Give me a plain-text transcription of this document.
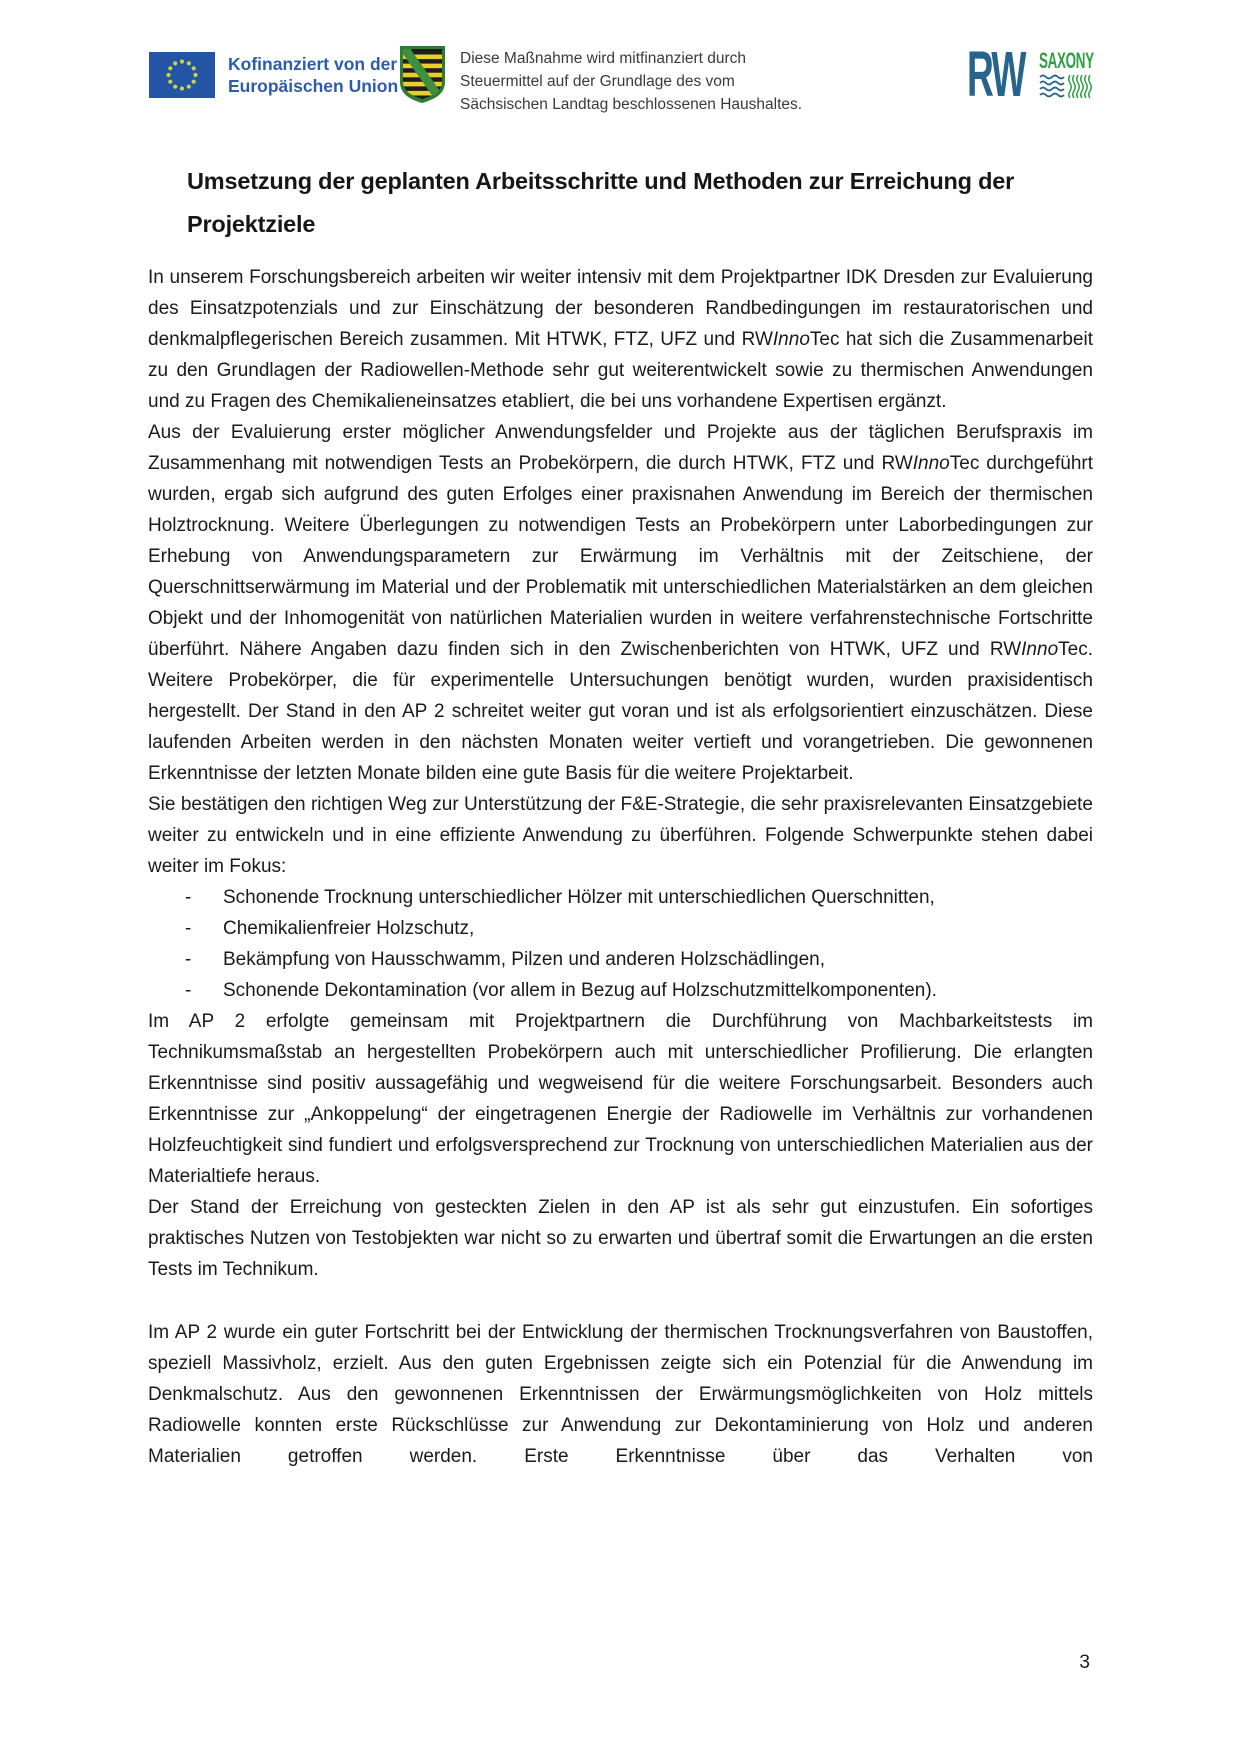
Kofinanziert von der
Europäischen Union
Diese Maßnahme wird mitfinanziert durch
Steuermittel auf der Grundlage des vom
Sächsischen Landtag beschlossenen Haushaltes.	RW SAXONY
Umsetzung der geplanten Arbeitsschritte und Methoden zur Erreichung der
Projektziele
In unserem Forschungsbereich arbeiten wir weiter intensiv mit dem Projektpartner IDK Dresden zur Evaluierung des Einsatzpotenzials und zur Einschätzung der besonderen Randbedingungen im restauratorischen und denkmalpflegerischen Bereich zusammen. Mit HTWK, FTZ, UFZ und RWInnoTec hat sich die Zusammenarbeit zu den Grundlagen der Radiowellen-Methode sehr gut weiterentwickelt sowie zu thermischen Anwendungen und zu Fragen des Chemikalieneinsatzes etabliert, die bei uns vorhandene Expertisen ergänzt.
Aus der Evaluierung erster möglicher Anwendungsfelder und Projekte aus der täglichen Berufspraxis im Zusammenhang mit notwendigen Tests an Probekörpern, die durch HTWK, FTZ und RWInnoTec durchgeführt wurden, ergab sich aufgrund des guten Erfolges einer praxisnahen Anwendung im Bereich der thermischen Holztrocknung. Weitere Überlegungen zu notwendigen Tests an Probekörpern unter Laborbedingungen zur Erhebung von Anwendungsparametern zur Erwärmung im Verhältnis mit der Zeitschiene, der Querschnittserwärmung im Material und der Problematik mit unterschiedlichen Materialstärken an dem gleichen Objekt und der Inhomogenität von natürlichen Materialien wurden in weitere verfahrenstechnische Fortschritte überführt. Nähere Angaben dazu finden sich in den Zwischenberichten von HTWK, UFZ und RWInnoTec. Weitere Probekörper, die für experimentelle Untersuchungen benötigt wurden, wurden praxisidentisch hergestellt. Der Stand in den AP 2 schreitet weiter gut voran und ist als erfolgsorientiert einzuschätzen. Diese laufenden Arbeiten werden in den nächsten Monaten weiter vertieft und vorangetrieben. Die gewonnenen Erkenntnisse der letzten Monate bilden eine gute Basis für die weitere Projektarbeit.
Sie bestätigen den richtigen Weg zur Unterstützung der F&E-Strategie, die sehr praxisrelevanten Einsatzgebiete weiter zu entwickeln und in eine effiziente Anwendung zu überführen. Folgende Schwerpunkte stehen dabei weiter im Fokus:
- Schonende Trocknung unterschiedlicher Hölzer mit unterschiedlichen Querschnitten,
- Chemikalienfreier Holzschutz,
- Bekämpfung von Hausschwamm, Pilzen und anderen Holzschädlingen,
- Schonende Dekontamination (vor allem in Bezug auf Holzschutzmittelkomponenten).
Im AP 2 erfolgte gemeinsam mit Projektpartnern die Durchführung von Machbarkeitstests im Technikumsmaßstab an hergestellten Probekörpern auch mit unterschiedlicher Profilierung. Die erlangten Erkenntnisse sind positiv aussagefähig und wegweisend für die weitere Forschungsarbeit. Besonders auch Erkenntnisse zur „Ankoppelung“ der eingetragenen Energie der Radiowelle im Verhältnis zur vorhandenen Holzfeuchtigkeit sind fundiert und erfolgsversprechend zur Trocknung von unterschiedlichen Materialien aus der Materialtiefe heraus.
Der Stand der Erreichung von gesteckten Zielen in den AP ist als sehr gut einzustufen. Ein sofortiges praktisches Nutzen von Testobjekten war nicht so zu erwarten und übertraf somit die Erwartungen an die ersten Tests im Technikum.
Im AP 2 wurde ein guter Fortschritt bei der Entwicklung der thermischen Trocknungsverfahren von Baustoffen, speziell Massivholz, erzielt. Aus den guten Ergebnissen zeigte sich ein Potenzial für die Anwendung im Denkmalschutz. Aus den gewonnenen Erkenntnissen der Erwärmungsmöglichkeiten von Holz mittels Radiowelle konnten erste Rückschlüsse zur Anwendung zur Dekontaminierung von Holz und anderen Materialien getroffen werden. Erste Erkenntnisse über das Verhalten von
3
